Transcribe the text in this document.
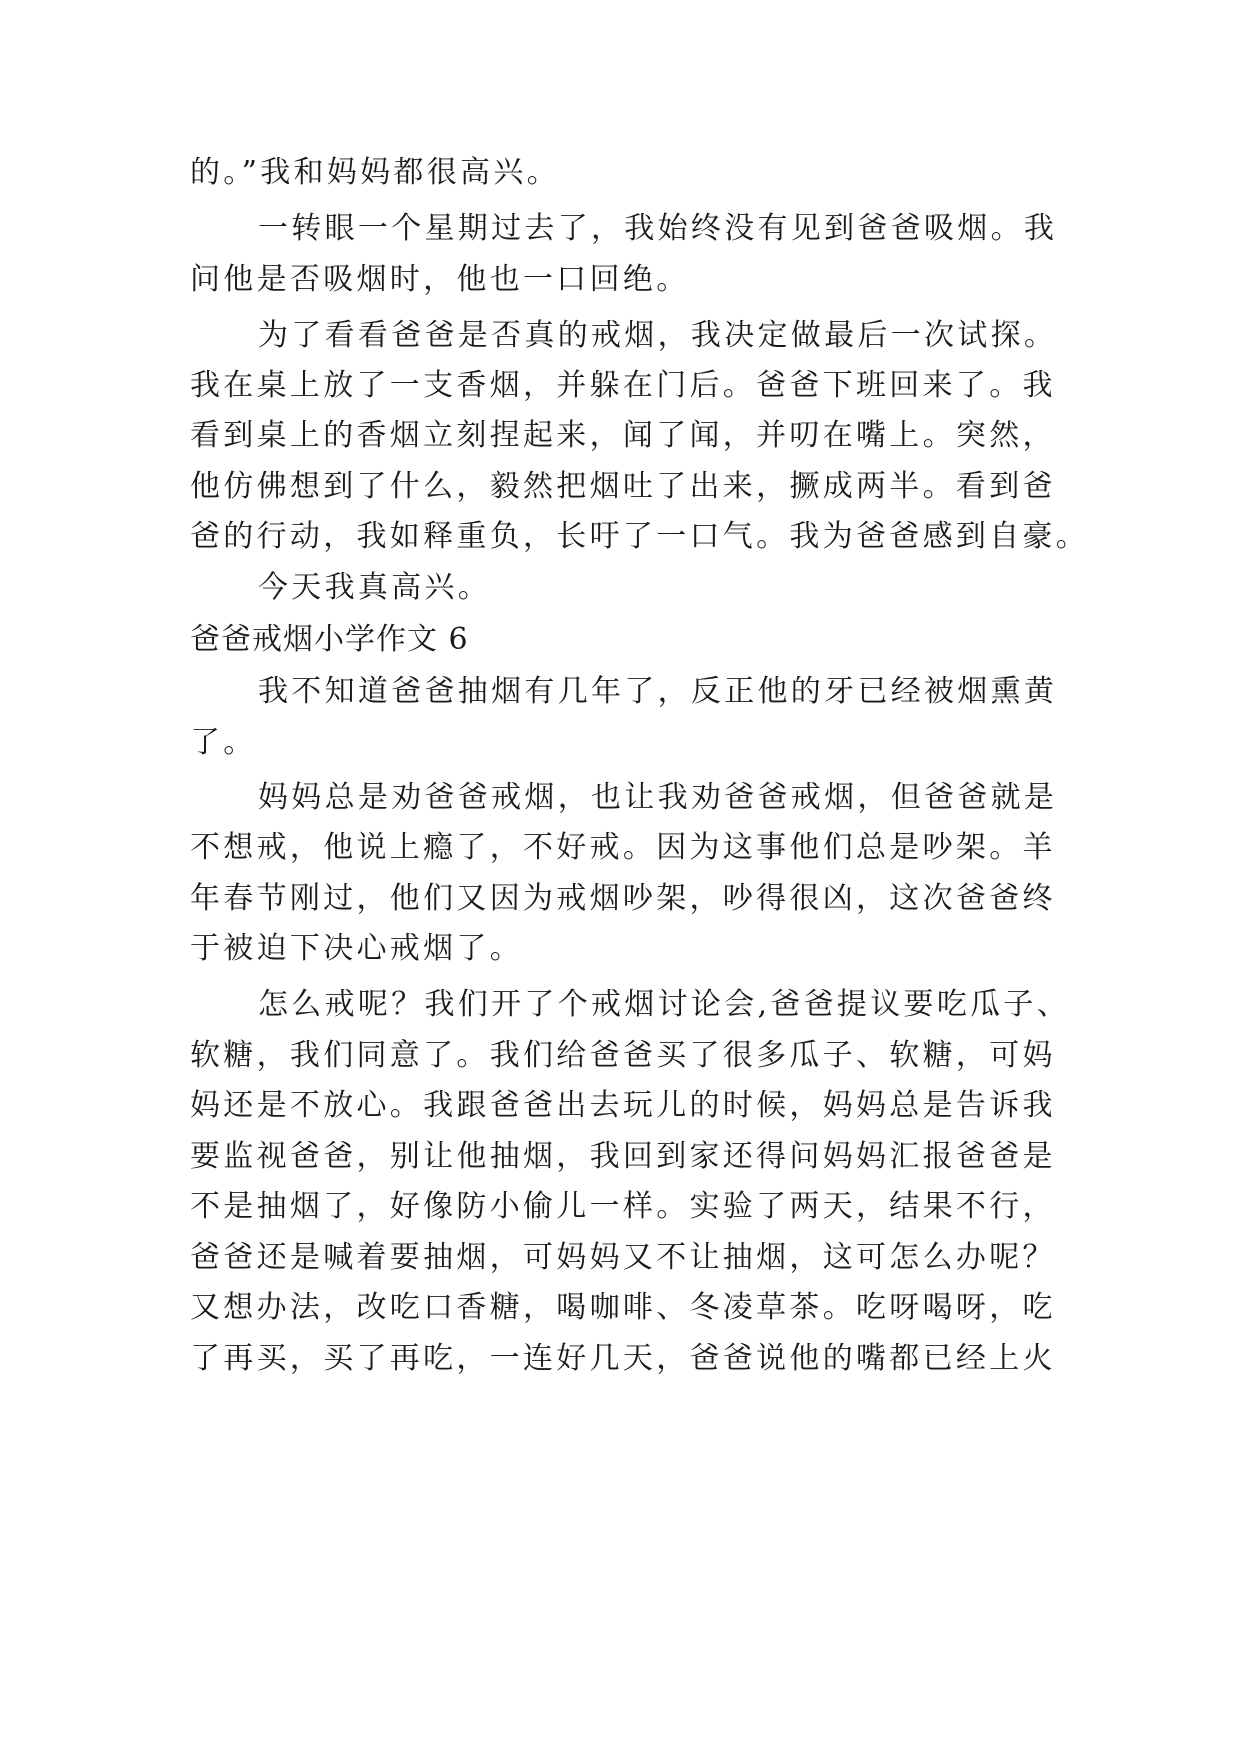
的。”我和妈妈都很高兴。
一转眼一个星期过去了，我始终没有见到爸爸吸烟。我
问他是否吸烟时，他也一口回绝。
为了看看爸爸是否真的戒烟，我决定做最后一次试探。
我在桌上放了一支香烟，并躲在门后。爸爸下班回来了。我
看到桌上的香烟立刻捏起来，闻了闻，并叨在嘴上。突然，
他仿佛想到了什么，毅然把烟吐了出来，撅成两半。看到爸
爸的行动，我如释重负，长吁了一口气。我为爸爸感到自豪。
今天我真高兴。
爸爸戒烟小学作文 6
我不知道爸爸抽烟有几年了，反正他的牙已经被烟熏黄
了。
妈妈总是劝爸爸戒烟，也让我劝爸爸戒烟，但爸爸就是
不想戒，他说上瘾了，不好戒。因为这事他们总是吵架。羊
年春节刚过，他们又因为戒烟吵架，吵得很凶，这次爸爸终
于被迫下决心戒烟了。
怎么戒呢？我们开了个戒烟讨论会,爸爸提议要吃瓜子、
软糖，我们同意了。我们给爸爸买了很多瓜子、软糖，可妈
妈还是不放心。我跟爸爸出去玩儿的时候，妈妈总是告诉我
要监视爸爸，别让他抽烟，我回到家还得问妈妈汇报爸爸是
不是抽烟了，好像防小偷儿一样。实验了两天，结果不行，
爸爸还是喊着要抽烟，可妈妈又不让抽烟，这可怎么办呢？
又想办法，改吃口香糖，喝咖啡、冬凌草茶。吃呀喝呀，吃
了再买，买了再吃，一连好几天，爸爸说他的嘴都已经上火
